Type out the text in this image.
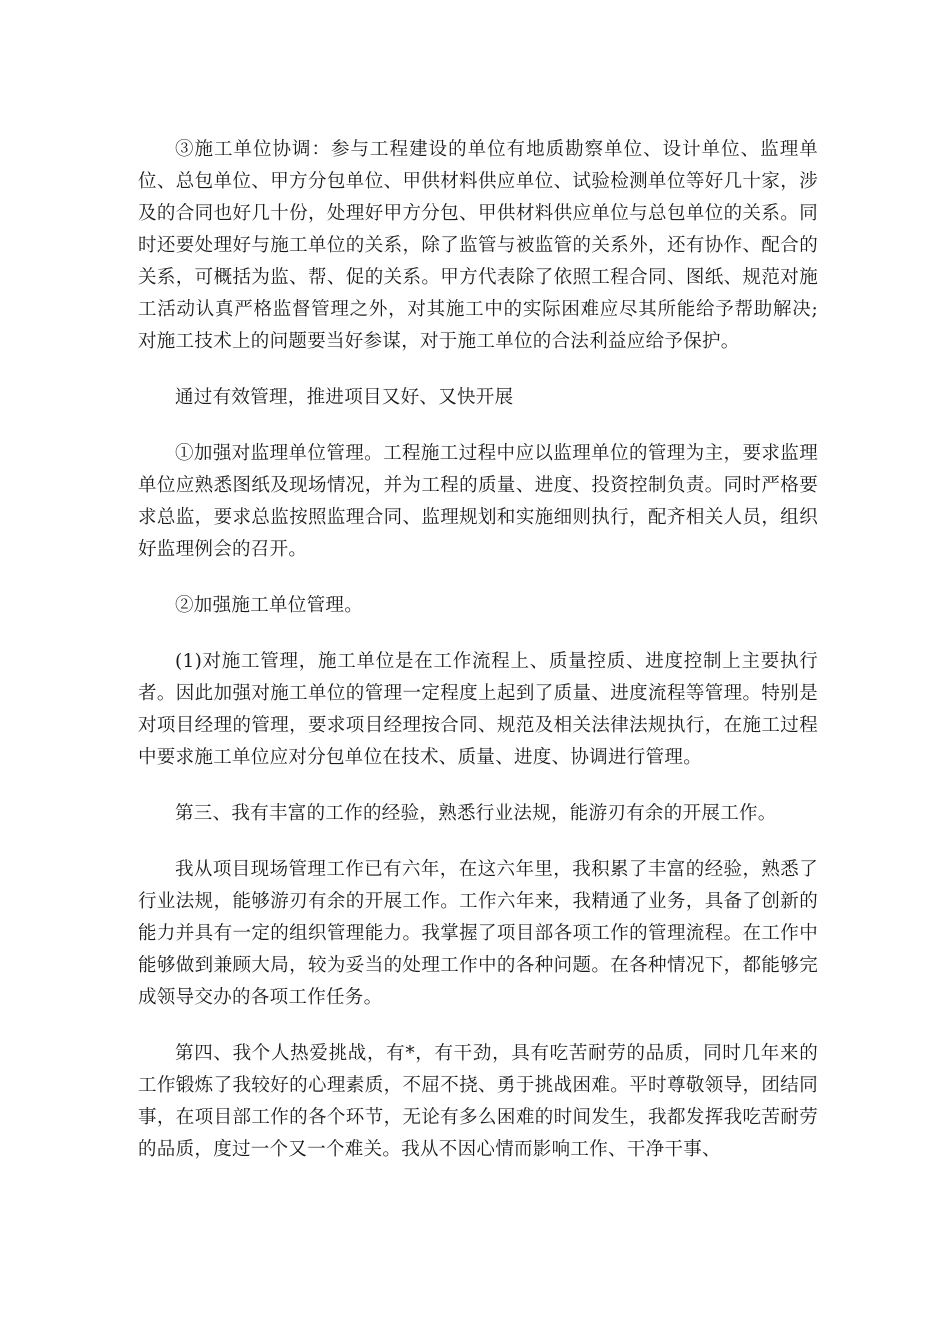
③施工单位协调：参与工程建设的单位有地质勘察单位、设计单位、监理单位、总包单位、甲方分包单位、甲供材料供应单位、试验检测单位等好几十家，涉及的合同也好几十份，处理好甲方分包、甲供材料供应单位与总包单位的关系。同时还要处理好与施工单位的关系，除了监管与被监管的关系外，还有协作、配合的关系，可概括为监、帮、促的关系。甲方代表除了依照工程合同、图纸、规范对施工活动认真严格监督管理之外，对其施工中的实际困难应尽其所能给予帮助解决;对施工技术上的问题要当好参谋，对于施工单位的合法利益应给予保护。

通过有效管理，推进项目又好、又快开展

①加强对监理单位管理。工程施工过程中应以监理单位的管理为主，要求监理单位应熟悉图纸及现场情况，并为工程的质量、进度、投资控制负责。同时严格要求总监，要求总监按照监理合同、监理规划和实施细则执行，配齐相关人员，组织好监理例会的召开。

②加强施工单位管理。

(1)对施工管理，施工单位是在工作流程上、质量控质、进度控制上主要执行者。因此加强对施工单位的管理一定程度上起到了质量、进度流程等管理。特别是对项目经理的管理，要求项目经理按合同、规范及相关法律法规执行，在施工过程中要求施工单位应对分包单位在技术、质量、进度、协调进行管理。

第三、我有丰富的工作的经验，熟悉行业法规，能游刃有余的开展工作。

我从项目现场管理工作已有六年，在这六年里，我积累了丰富的经验，熟悉了行业法规，能够游刃有余的开展工作。工作六年来，我精通了业务，具备了创新的能力并具有一定的组织管理能力。我掌握了项目部各项工作的管理流程。在工作中能够做到兼顾大局，较为妥当的处理工作中的各种问题。在各种情况下，都能够完成领导交办的各项工作任务。

第四、我个人热爱挑战，有*，有干劲，具有吃苦耐劳的品质，同时几年来的工作锻炼了我较好的心理素质，不屈不挠、勇于挑战困难。平时尊敬领导，团结同事，在项目部工作的各个环节，无论有多么困难的时间发生，我都发挥我吃苦耐劳的品质，度过一个又一个难关。我从不因心情而影响工作、干净干事、
